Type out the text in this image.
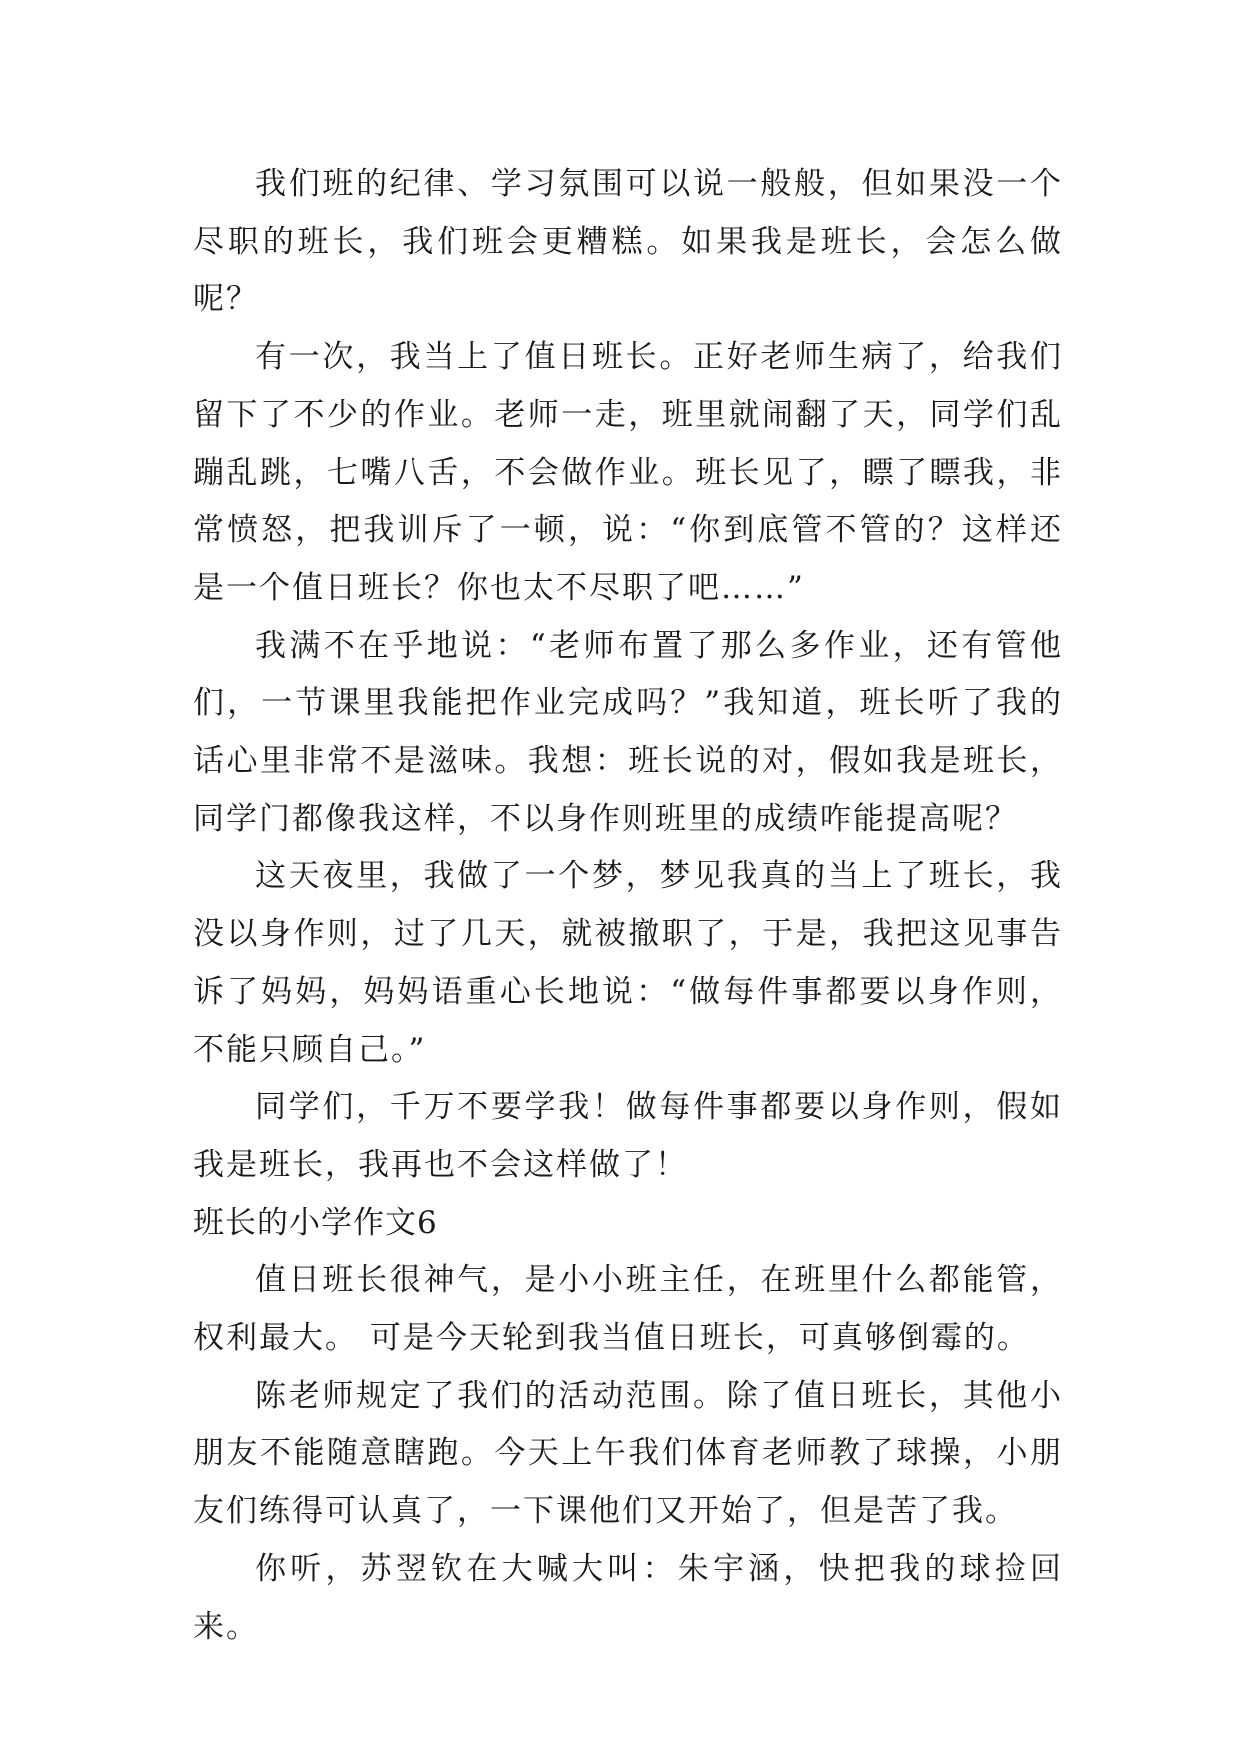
我们班的纪律、学习氛围可以说一般般，但如果没一个尽职的班长，我们班会更糟糕。如果我是班长，会怎么做呢？

有一次，我当上了值日班长。正好老师生病了，给我们留下了不少的作业。老师一走，班里就闹翻了天，同学们乱蹦乱跳，七嘴八舌，不会做作业。班长见了，瞟了瞟我，非常愤怒，把我训斥了一顿，说：“你到底管不管的？这样还是一个值日班长？你也太不尽职了吧……”

我满不在乎地说：“老师布置了那么多作业，还有管他们，一节课里我能把作业完成吗？”我知道，班长听了我的话心里非常不是滋味。我想：班长说的对，假如我是班长，同学门都像我这样，不以身作则班里的成绩咋能提高呢？

这天夜里，我做了一个梦，梦见我真的当上了班长，我没以身作则，过了几天，就被撤职了，于是，我把这见事告诉了妈妈，妈妈语重心长地说：“做每件事都要以身作则，不能只顾自己。”

同学们，千万不要学我！做每件事都要以身作则，假如我是班长，我再也不会这样做了！

班长的小学作文6

值日班长很神气，是小小班主任，在班里什么都能管，权利最大。 可是今天轮到我当值日班长，可真够倒霉的。

陈老师规定了我们的活动范围。除了值日班长，其他小朋友不能随意瞎跑。今天上午我们体育老师教了球操，小朋友们练得可认真了，一下课他们又开始了，但是苦了我。

你听，苏翌钦在大喊大叫：朱宇涵，快把我的球捡回来。
